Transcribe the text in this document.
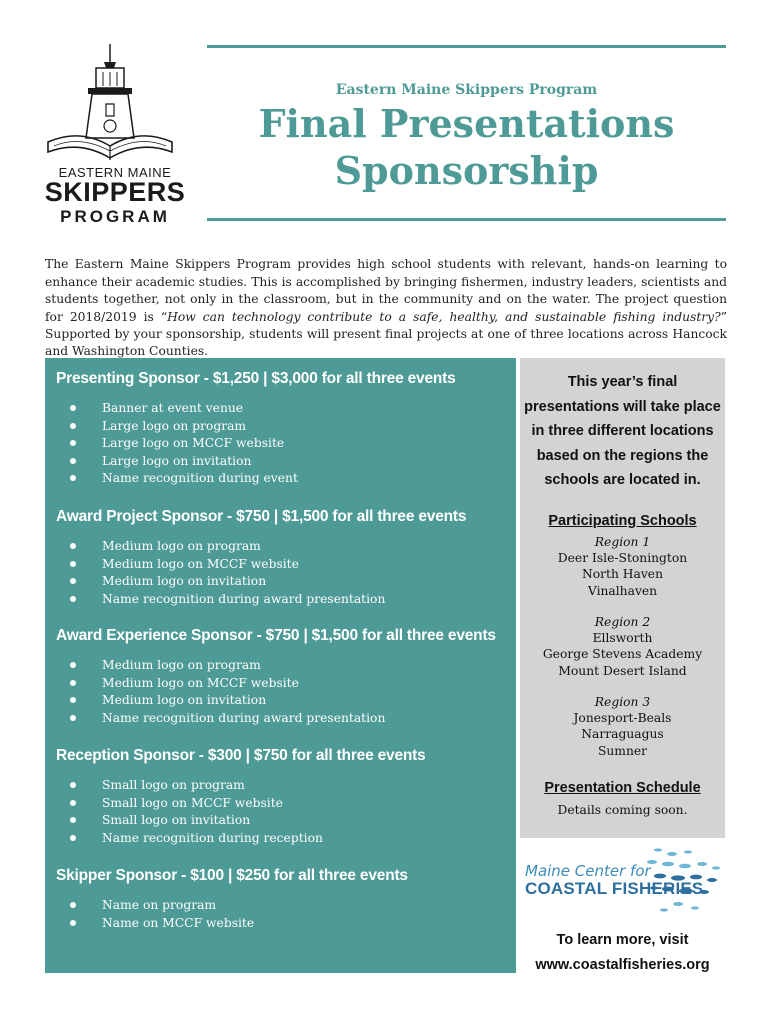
EASTERN MAINE
SKIPPERS
PROGRAM
Eastern Maine Skippers Program
Final Presentations
Sponsorship

The Eastern Maine Skippers Program provides high school students with relevant, hands-on learning to enhance their academic studies. This is accomplished by bringing fishermen, industry leaders, scientists and students together, not only in the classroom, but in the community and on the water. The project question for 2018/2019 is “How can technology contribute to a safe, healthy, and sustainable fishing industry?” Supported by your sponsorship, students will present final projects at one of three locations across Hancock and Washington Counties.

Presenting Sponsor - $1,250 | $3,000 for all three events
Banner at event venue
Large logo on program
Large logo on MCCF website
Large logo on invitation
Name recognition during event
Award Project Sponsor - $750 | $1,500 for all three events
Medium logo on program
Medium logo on MCCF website
Medium logo on invitation
Name recognition during award presentation
Award Experience Sponsor - $750 | $1,500 for all three events
Medium logo on program
Medium logo on MCCF website
Medium logo on invitation
Name recognition during award presentation
Reception Sponsor - $300 | $750 for all three events
Small logo on program
Small logo on MCCF website
Small logo on invitation
Name recognition during reception
Skipper Sponsor - $100 | $250 for all three events
Name on program
Name on MCCF website
This year’s final
presentations will take place
in three different locations
based on the regions the
schools are located in.
Participating Schools
Region 1
Deer Isle-Stonington
North Haven
Vinalhaven
Region 2
Ellsworth
George Stevens Academy
Mount Desert Island
Region 3
Jonesport-Beals
Narraguagus
Sumner
Presentation Schedule
Details coming soon.
Maine Center for
COASTAL FISHERIES
To learn more, visit
www.coastalfisheries.org
